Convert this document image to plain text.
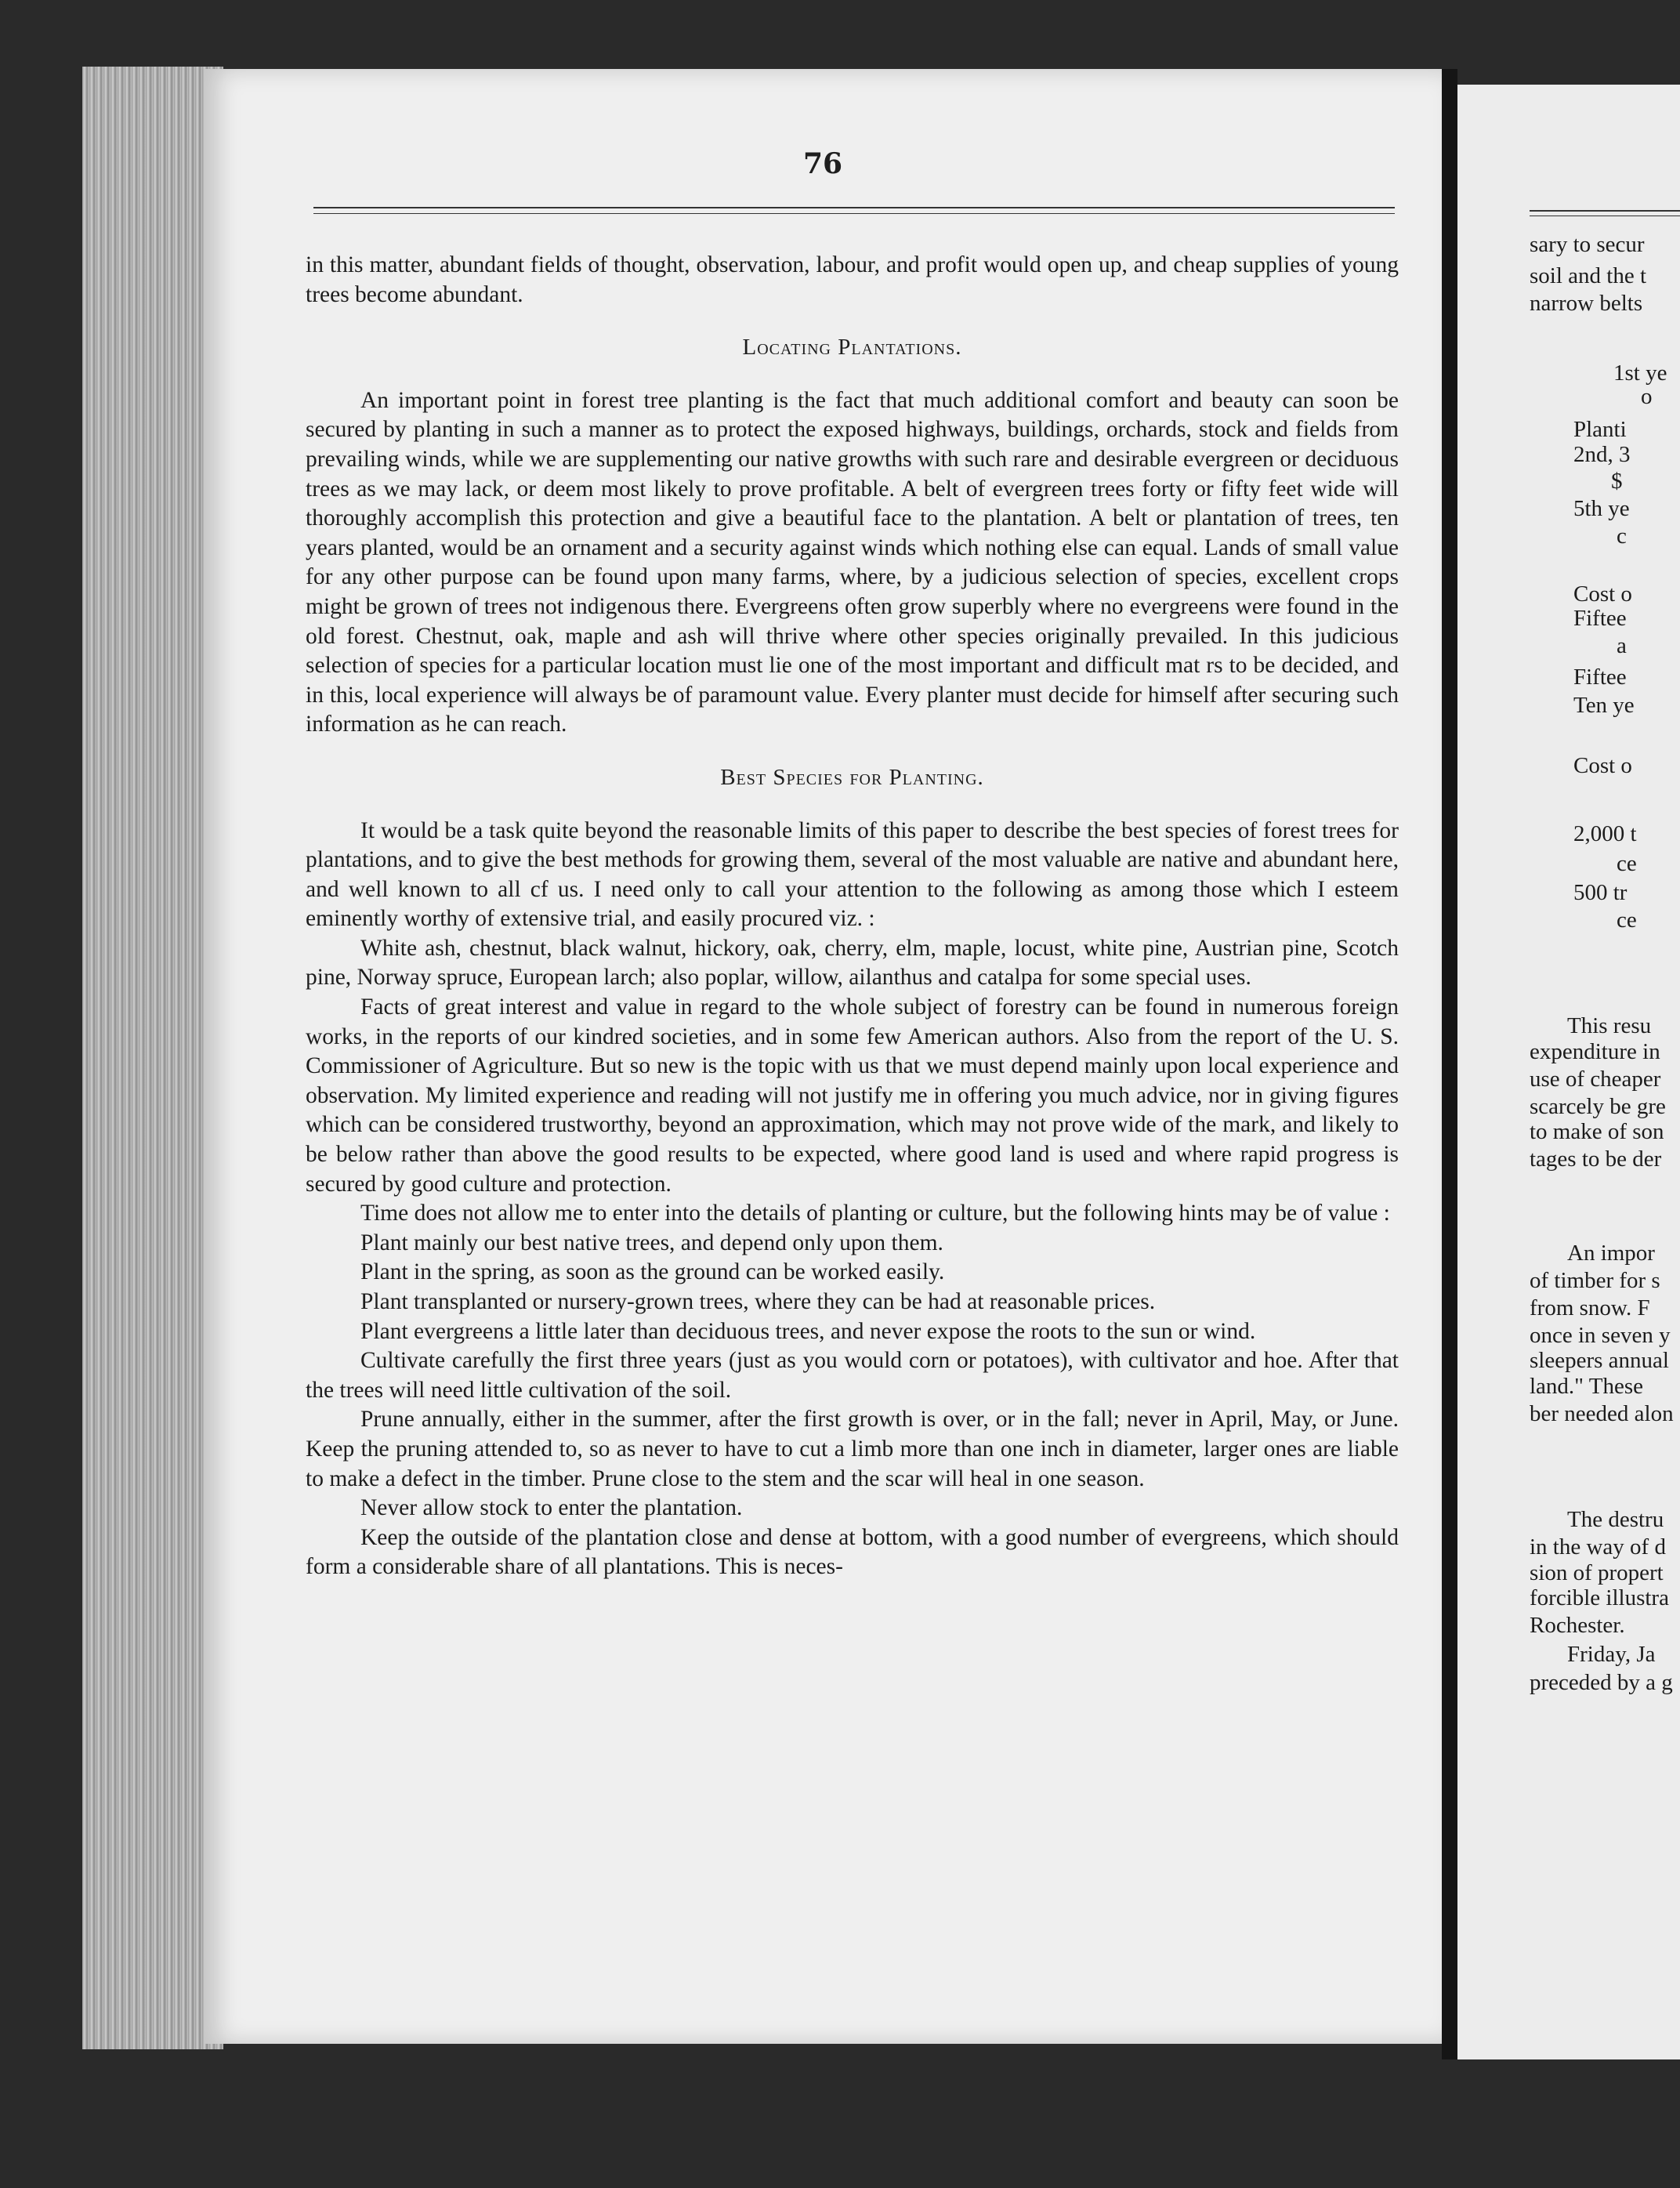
76

in this matter, abundant fields of thought, observation, labour, and profit would open up, and cheap supplies of young trees become abundant.

Locating Plantations.

An important point in forest tree planting is the fact that much additional comfort and beauty can soon be secured by planting in such a manner as to protect the exposed highways, buildings, orchards, stock and fields from prevailing winds, while we are supplementing our native growths with such rare and desirable evergreen or deciduous trees as we may lack, or deem most likely to prove profitable. A belt of evergreen trees forty or fifty feet wide will thoroughly accomplish this protection and give a beautiful face to the plantation. A belt or plantation of trees, ten years planted, would be an ornament and a security against winds which nothing else can equal. Lands of small value for any other purpose can be found upon many farms, where, by a judicious selection of species, excellent crops might be grown of trees not indigenous there. Evergreens often grow superbly where no evergreens were found in the old forest. Chestnut, oak, maple and ash will thrive where other species originally prevailed. In this judicious selection of species for a particular location must lie one of the most important and difficult mat rs to be decided, and in this, local experience will always be of paramount value. Every planter must decide for himself after securing such information as he can reach.

Best Species for Planting.

It would be a task quite beyond the reasonable limits of this paper to describe the best species of forest trees for plantations, and to give the best methods for growing them, several of the most valuable are native and abundant here, and well known to all cf us. I need only to call your attention to the following as among those which I esteem eminently worthy of extensive trial, and easily procured viz. :

White ash, chestnut, black walnut, hickory, oak, cherry, elm, maple, locust, white pine, Austrian pine, Scotch pine, Norway spruce, European larch; also poplar, willow, ailanthus and catalpa for some special uses.

Facts of great interest and value in regard to the whole subject of forestry can be found in numerous foreign works, in the reports of our kindred societies, and in some few American authors. Also from the report of the U. S. Commissioner of Agriculture. But so new is the topic with us that we must depend mainly upon local experience and observation. My limited experience and reading will not justify me in offering you much advice, nor in giving figures which can be considered trustworthy, beyond an approximation, which may not prove wide of the mark, and likely to be below rather than above the good results to be expected, where good land is used and where rapid progress is secured by good culture and protection.

Time does not allow me to enter into the details of planting or culture, but the following hints may be of value :

Plant mainly our best native trees, and depend only upon them.

Plant in the spring, as soon as the ground can be worked easily.

Plant transplanted or nursery-grown trees, where they can be had at reasonable prices.

Plant evergreens a little later than deciduous trees, and never expose the roots to the sun or wind.

Cultivate carefully the first three years (just as you would corn or potatoes), with cultivator and hoe. After that the trees will need little cultivation of the soil.

Prune annually, either in the summer, after the first growth is over, or in the fall; never in April, May, or June. Keep the pruning attended to, so as never to have to cut a limb more than one inch in diameter, larger ones are liable to make a defect in the timber. Prune close to the stem and the scar will heal in one season.

Never allow stock to enter the plantation.

Keep the outside of the plantation close and dense at bottom, with a good number of evergreens, which should form a considerable share of all plantations. This is neces-

sary to secur
soil and the t
narrow belts
1st ye
o
Planti
2nd, 3
$
5th ye
c
Cost o
Fiftee
a
Fiftee
Ten ye
Cost o
2,000 t
ce
500 tr
ce
This resu
expenditure in
use of cheaper
scarcely be gre
to make of son
tages to be der
An impor
of timber for s
from snow. F
once in seven y
sleepers annual
land." These
ber needed alon
The destru
in the way of d
sion of propert
forcible illustra
Rochester.
Friday, Ja
preceded by a g
